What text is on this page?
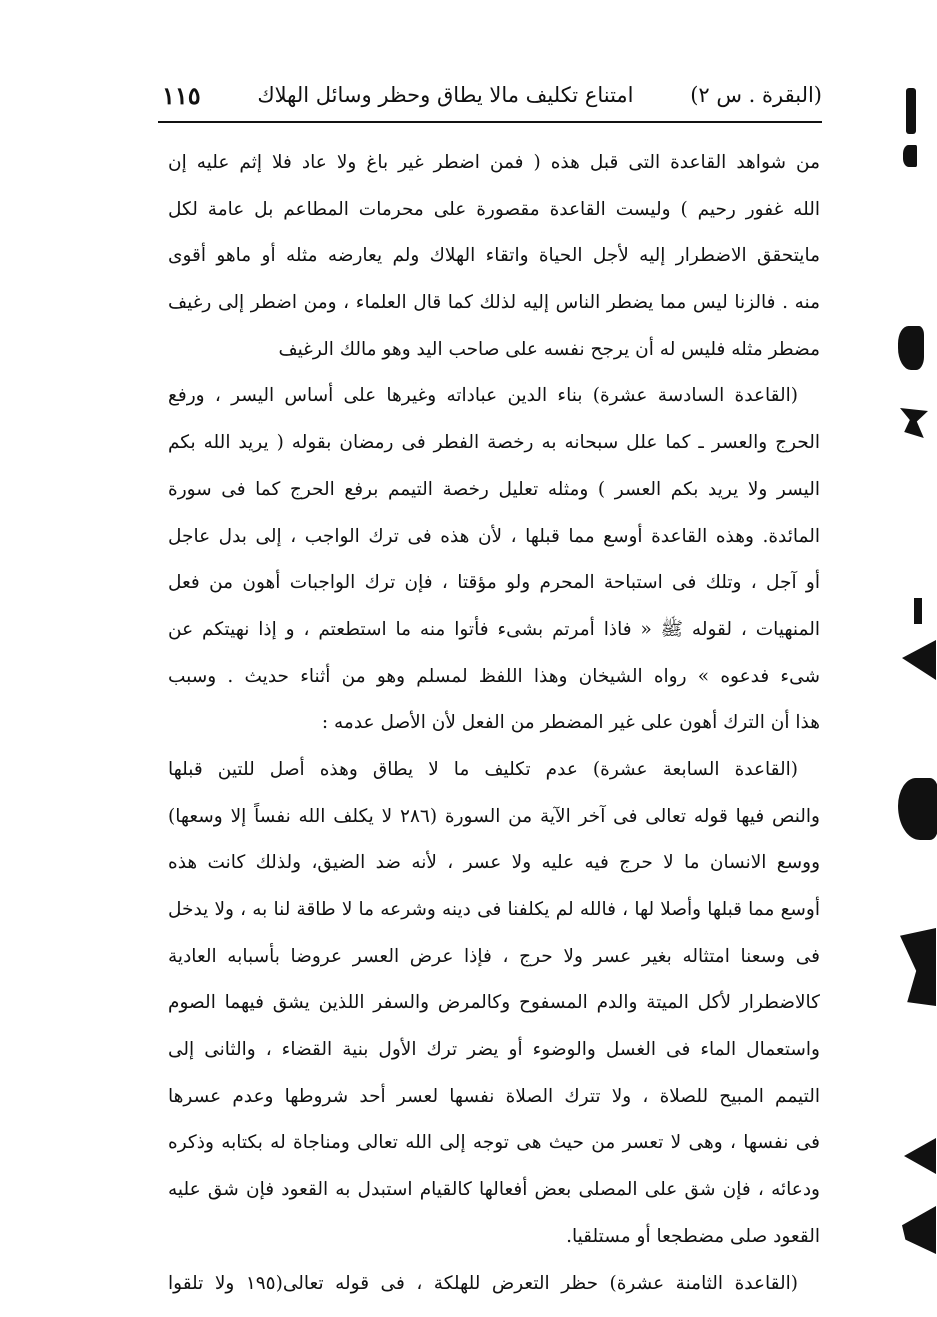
(البقرة . س ٢)
امتناع تكليف مالا يطاق وحظر وسائل الهلاك
١١٥
من شواهد القاعدة التى قبل هذه ( فمن اضطر غير باغ ولا عاد فلا إثم عليه إن
الله غفور رحيم ) وليست القاعدة مقصورة على محرمات المطاعم بل عامة لكل
مايتحقق الاضطرار إليه لأجل الحياة واتقاء الهلاك ولم يعارضه مثله أو ماهو أقوى
منه . فالزنا ليس مما يضطر الناس إليه لذلك كما قال العلماء ، ومن اضطر إلى رغيف
مضطر مثله فليس له أن يرجح نفسه على صاحب اليد وهو مالك الرغيف
(القاعدة السادسة عشرة) بناء الدين عباداته وغيرها على أساس اليسر ، ورفع
الحرج والعسر ـ كما علل سبحانه به رخصة الفطر فى رمضان بقوله ( يريد الله بكم
اليسر ولا يريد بكم العسر ) ومثله تعليل رخصة التيمم برفع الحرج كما فى سورة
المائدة. وهذه القاعدة أوسع مما قبلها ، لأن هذه فى ترك الواجب ، إلى بدل عاجل
أو آجل ، وتلك فى استباحة المحرم ولو مؤقتا ، فإن ترك الواجبات أهون من فعل
المنهيات ، لقوله ﷺ « فاذا أمرتم بشىء فأتوا منه ما استطعتم ، و إذا نهيتكم عن
شىء فدعوه » رواه الشيخان وهذا اللفظ لمسلم وهو من أثناء حديث . وسبب
هذا أن الترك أهون على غير المضطر من الفعل لأن الأصل عدمه :
(القاعدة السابعة عشرة) عدم تكليف ما لا يطاق وهذه أصل للتين قبلها
والنص فيها قوله تعالى فى آخر الآية من السورة (٢٨٦ لا يكلف الله نفساً إلا وسعها)
ووسع الانسان ما لا حرج فيه عليه ولا عسر ، لأنه ضد الضيق، ولذلك كانت هذه
أوسع مما قبلها وأصلا لها ، فالله لم يكلفنا فى دينه وشرعه ما لا طاقة لنا به ، ولا يدخل
فى وسعنا امتثاله بغير عسر ولا حرج ، فإذا عرض العسر عروضا بأسبابه العادية
كالاضطرار لأكل الميتة والدم المسفوح وكالمرض والسفر اللذين يشق فيهما الصوم
واستعمال الماء فى الغسل والوضوء أو يضر ترك الأول بنية القضاء ، والثانى إلى
التيمم المبيح للصلاة ، ولا تترك الصلاة نفسها لعسر أحد شروطها وعدم عسرها
فى نفسها ، وهى لا تعسر من حيث هى توجه إلى الله تعالى ومناجاة له بكتابه وذكره
ودعائه ، فإن شق على المصلى بعض أفعالها كالقيام استبدل به القعود فإن شق عليه
القعود صلى مضطجعا أو مستلقيا.
(القاعدة الثامنة عشرة) حظر التعرض للهلكة ، فى قوله تعالى(١٩٥ ولا تلقوا
